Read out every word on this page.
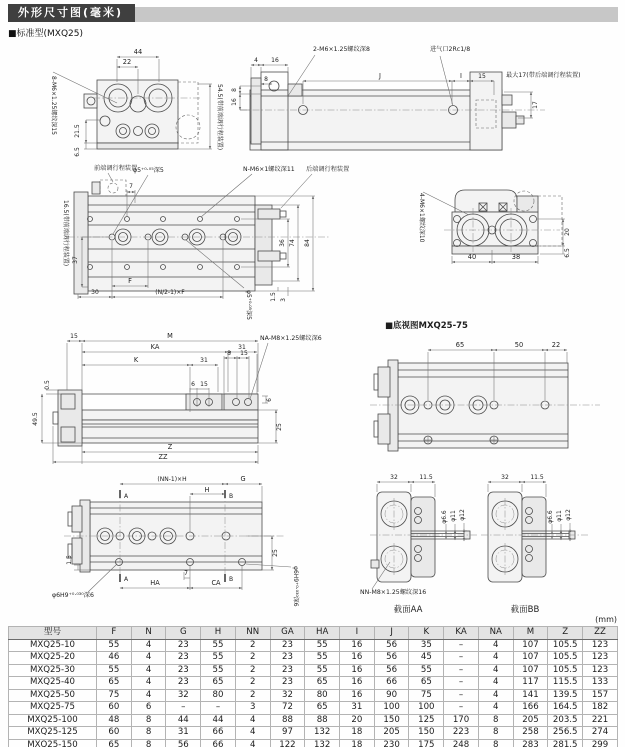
外形尺寸图(毫米)
■标准型(MXQ25)
(mm)
44
22
21.5
6.5
54.5(带前端调行程装置)
8-M6×1.25螺纹深15
4 16
8	J	I	15	最大17(带后端调行程装置)
17
8
16
2-M6×1.25螺纹深8	进气口2Rc1/8
前端调行程装置
φ5⁺⁰·⁰⁵深5	N-M6×1螺纹深11 后端调行程装置
7
37
16.5(带前端调行程装置)
F
30	(N/2-1)×F
36 74 84
1.5 3
φ5⁺⁰·⁰⁵深5
4-M6×1螺纹深10
40	38
20
6.5
■底视图MXQ25-75
65	50	22
15	M
KA	31
K	31
8 15
6 15
NA-M8×1.25螺纹深6
6
25
0.5
49.5
Z
ZZ
A
A
B
B
(NN-1)×H	G
H
HA	CA
7
1.5
25
φ6H9⁺⁰·⁰³⁰深6	φ6H9⁺⁰·⁰³⁰深6
32	11.5
φ6.6 φ11 φ12
NN-M8×1.25螺纹深16
截面AA
32	11.5
φ6.6 φ11 φ12
截面BB
型号	F	N	G	H	NN	GA	HA	I	J	K	KA	NA	M	Z	ZZ
MXQ25-10	55	4	23	55	2	23	55	16	56	35	–	4	107	105.5	123
MXQ25-20	46	4	23	55	2	23	55	16	56	45	–	4	107	105.5	123
MXQ25-30	55	4	23	55	2	23	55	16	56	55	–	4	107	105.5	123
MXQ25-40	65	4	23	65	2	23	65	16	66	65	–	4	117	115.5	133
MXQ25-50	75	4	32	80	2	32	80	16	90	75	–	4	141	139.5	157
MXQ25-75	60	6	–	–	3	72	65	31	100	100	–	4	166	164.5	182
MXQ25-100	48	8	44	44	4	88	88	20	150	125	170	8	205	203.5	221
MXQ25-125	60	8	31	66	4	97	132	18	205	150	223	8	258	256.5	274
MXQ25-150	65	8	56	66	4	122	132	18	230	175	248	8	283	281.5	299
